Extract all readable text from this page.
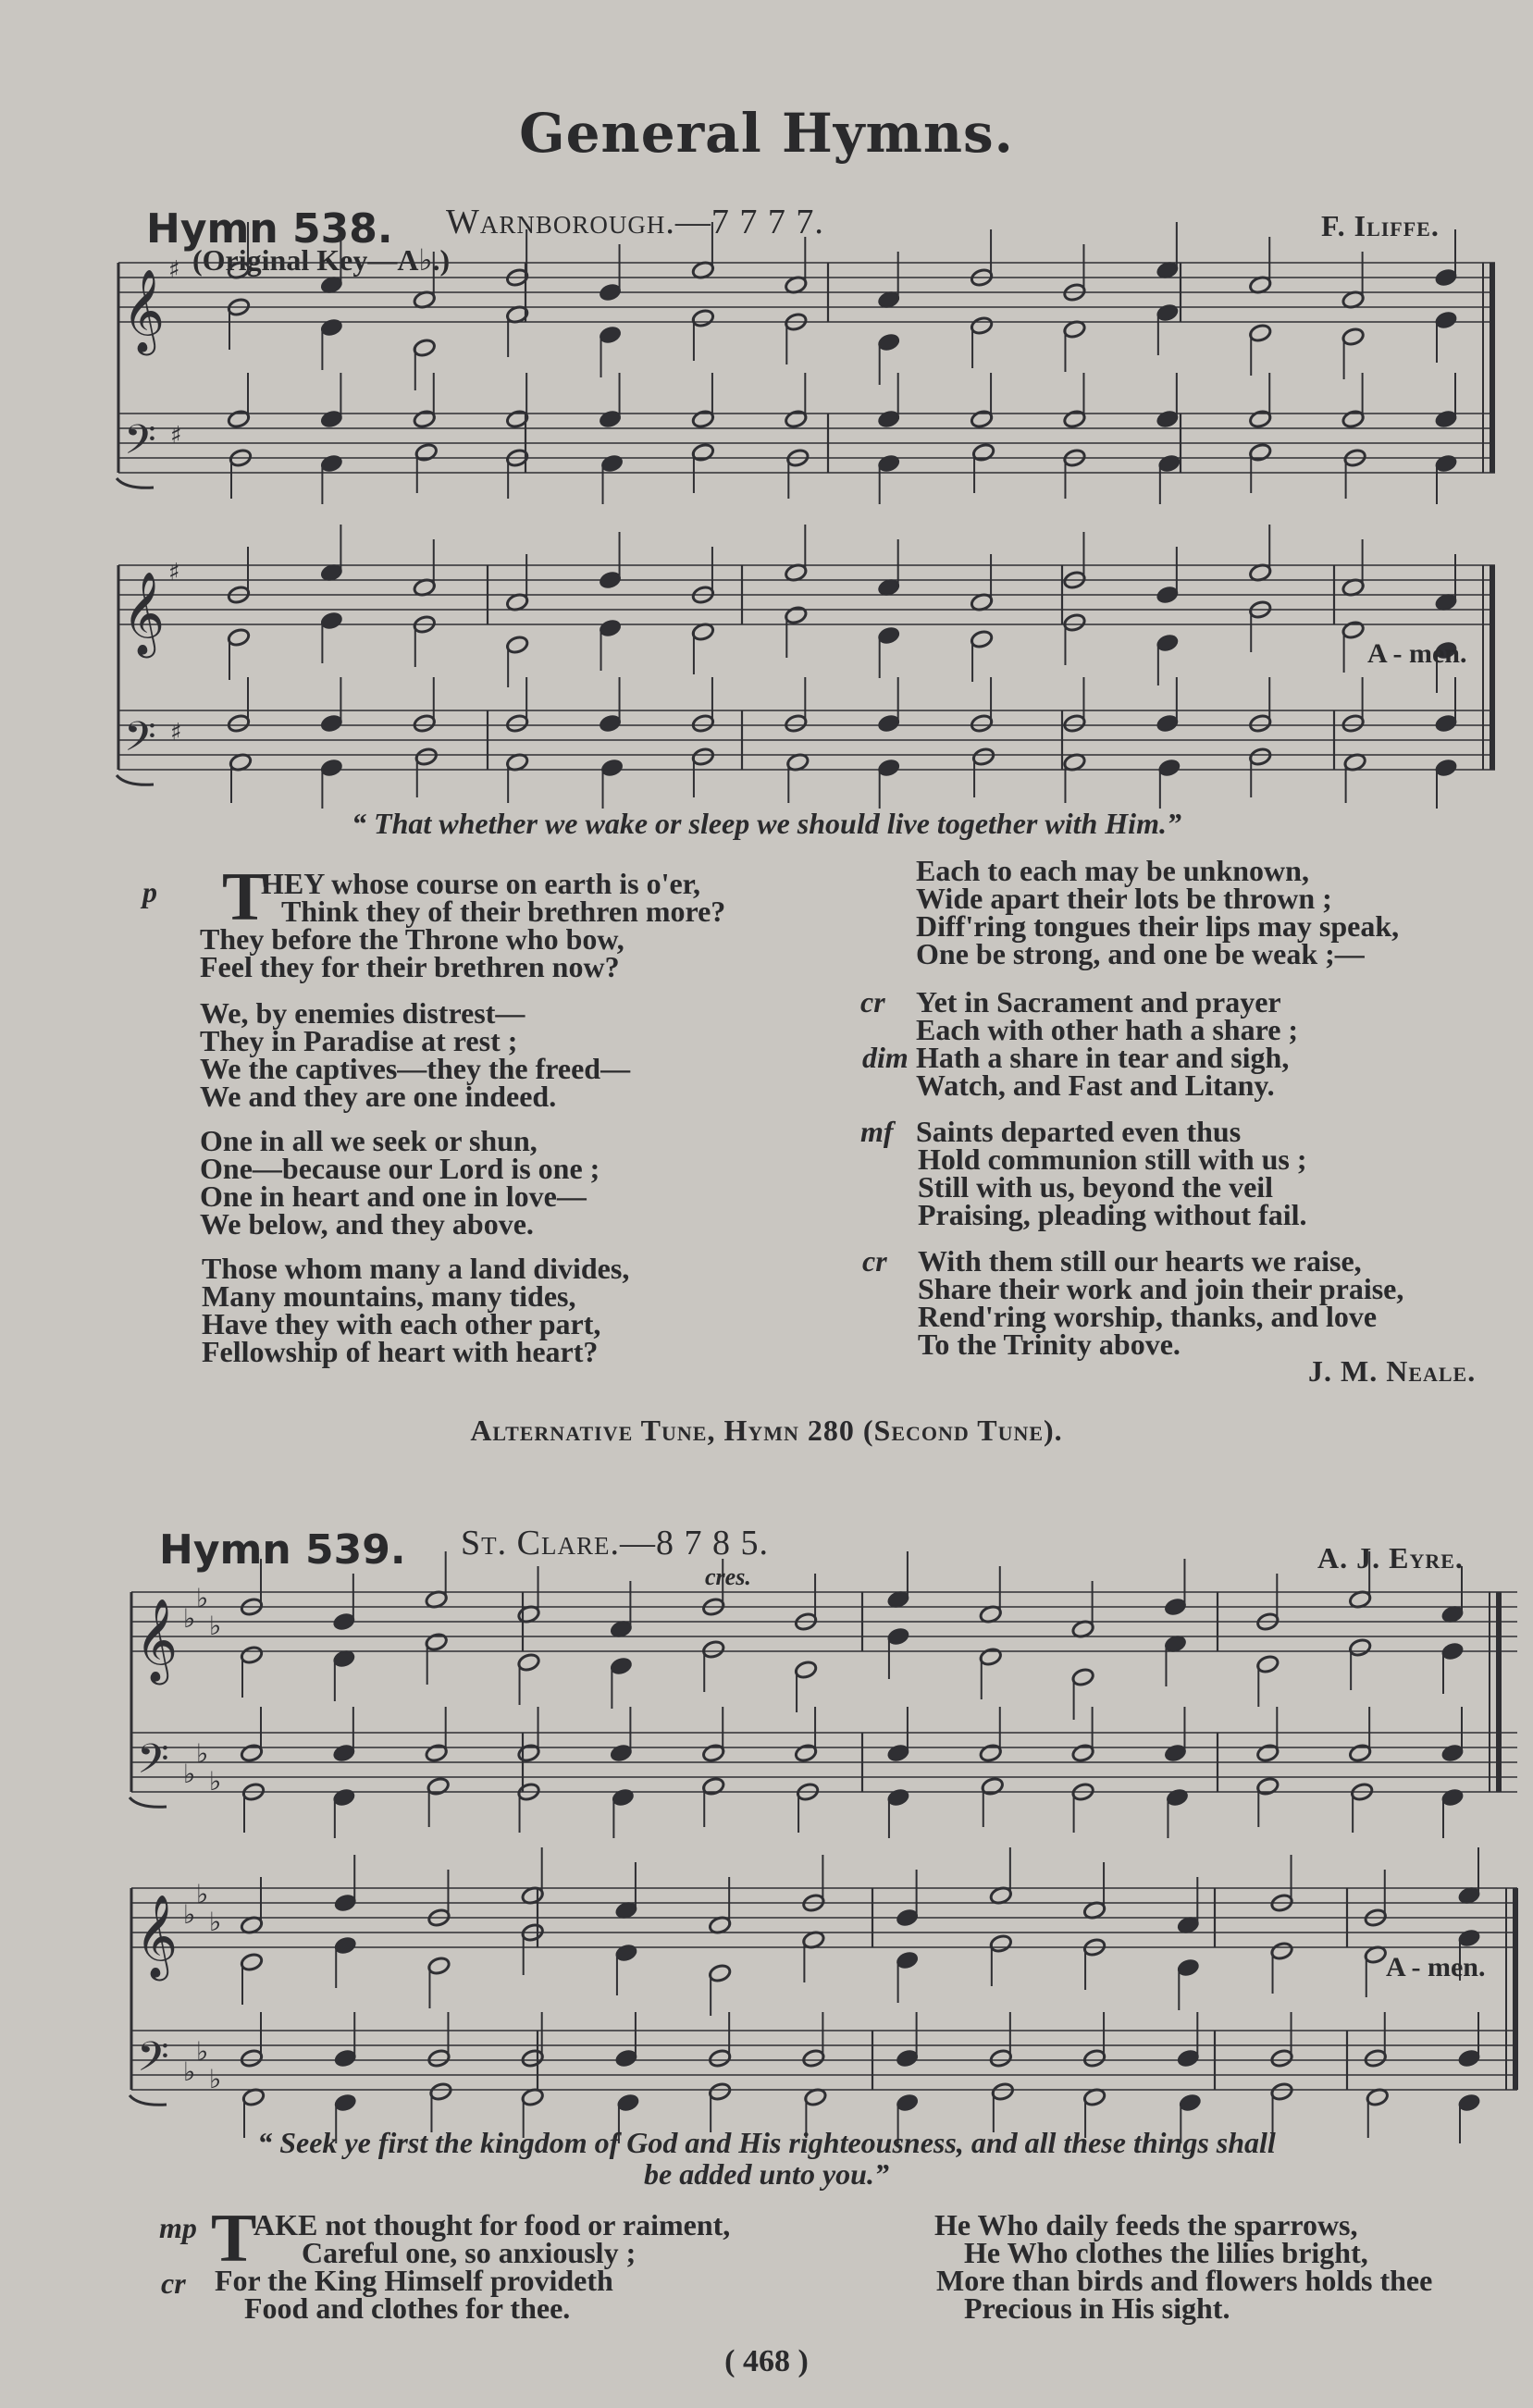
General Hymns.
Hymn 538. Warnborough.—7 7 7 7.	F. Iliffe.
(Original Key—A♭.)
𝄞
𝄢
♯
♯
𝄞
𝄢
♯
♯
𝄞
𝄢
♭
♭
♭
♭
♭
♭
𝄞
𝄢
♭
♭
♭
♭
♭
♭
A - men.
“ That whether we wake or sleep we should live together with Him.”
p T
HEY whose course on earth is o'er,
Think they of their brethren more?
They before the Throne who bow,
Feel they for their brethren now?
We, by enemies distrest—
They in Paradise at rest ;
We the captives—they the freed—
We and they are one indeed.
One in all we seek or shun,
One—because our Lord is one ;
One in heart and one in love—
We below, and they above.
Those whom many a land divides,
Many mountains, many tides,
Have they with each other part,
Fellowship of heart with heart?
Each to each may be unknown,
Wide apart their lots be thrown ;
Diff'ring tongues their lips may speak,
One be strong, and one be weak ;—
cr Yet in Sacrament and prayer
Each with other hath a share ;
dim Hath a share in tear and sigh,
Watch, and Fast and Litany.
mf Saints departed even thus
Hold communion still with us ;
Still with us, beyond the veil
Praising, pleading without fail.
cr With them still our hearts we raise,
Share their work and join their praise,
Rend'ring worship, thanks, and love
To the Trinity above.
J. M. Neale.
Alternative Tune, Hymn 280 (Second Tune).
Hymn 539. St. Clare.—8 7 8 5.	A. J. Eyre.
cres.
A - men.
“ Seek ye first the kingdom of God and His righteousness, and all these things shall
be added unto you.”
mp T
AKE not thought for food or raiment,
Careful one, so anxiously ;
cr For the King Himself provideth
Food and clothes for thee.
He Who daily feeds the sparrows,
He Who clothes the lilies bright,
More than birds and flowers holds thee
Precious in His sight.
( 468 )
